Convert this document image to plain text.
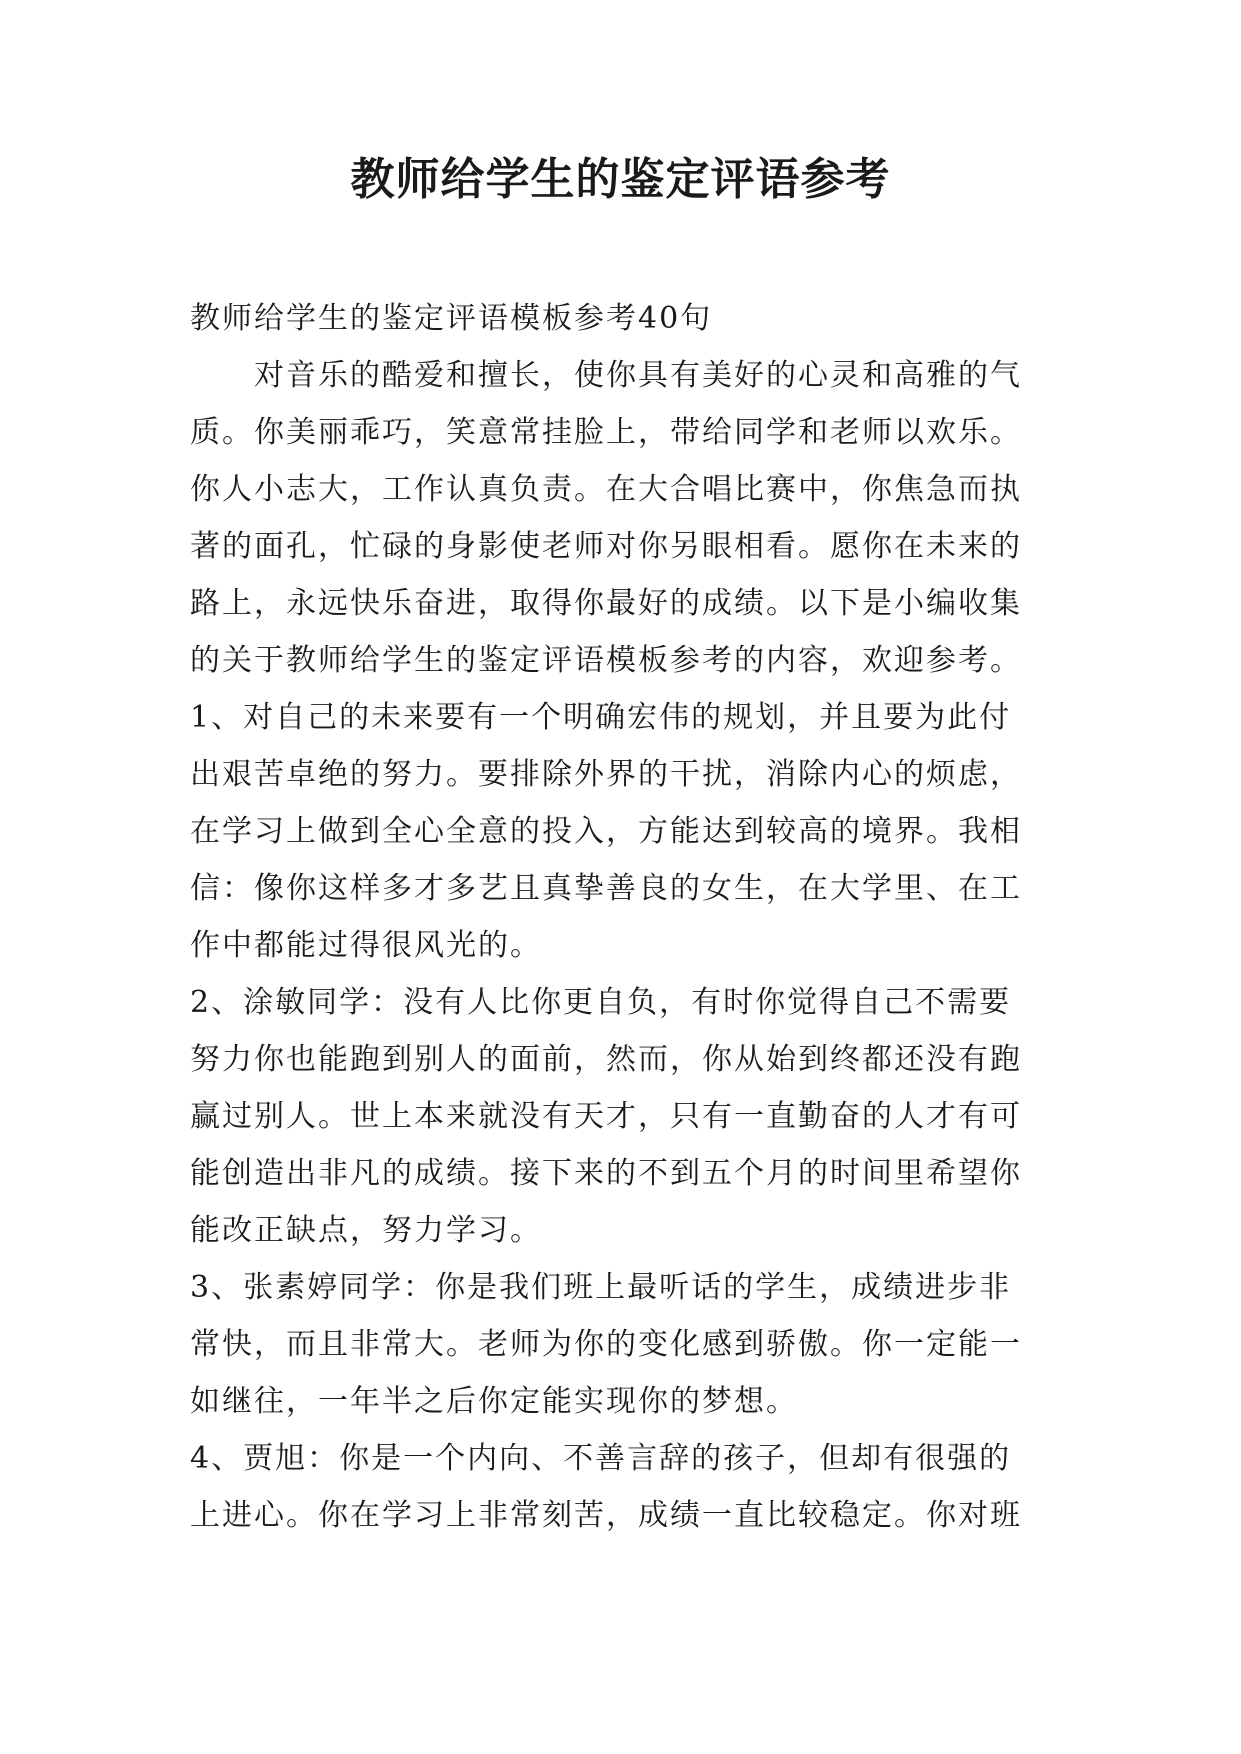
教师给学生的鉴定评语参考
教师给学生的鉴定评语模板参考40句
　　对音乐的酷爱和擅长，使你具有美好的心灵和高雅的气
质。你美丽乖巧，笑意常挂脸上，带给同学和老师以欢乐。
你人小志大，工作认真负责。在大合唱比赛中，你焦急而执
著的面孔，忙碌的身影使老师对你另眼相看。愿你在未来的
路上，永远快乐奋进，取得你最好的成绩。以下是小编收集
的关于教师给学生的鉴定评语模板参考的内容，欢迎参考。
1、对自己的未来要有一个明确宏伟的规划，并且要为此付
出艰苦卓绝的努力。要排除外界的干扰，消除内心的烦虑，
在学习上做到全心全意的投入，方能达到较高的境界。我相
信：像你这样多才多艺且真挚善良的女生，在大学里、在工
作中都能过得很风光的。
2、涂敏同学：没有人比你更自负，有时你觉得自己不需要
努力你也能跑到别人的面前，然而，你从始到终都还没有跑
赢过别人。世上本来就没有天才，只有一直勤奋的人才有可
能创造出非凡的成绩。接下来的不到五个月的时间里希望你
能改正缺点，努力学习。
3、张素婷同学：你是我们班上最听话的学生，成绩进步非
常快，而且非常大。老师为你的变化感到骄傲。你一定能一
如继往，一年半之后你定能实现你的梦想。
4、贾旭：你是一个内向、不善言辞的孩子，但却有很强的
上进心。你在学习上非常刻苦，成绩一直比较稳定。你对班
